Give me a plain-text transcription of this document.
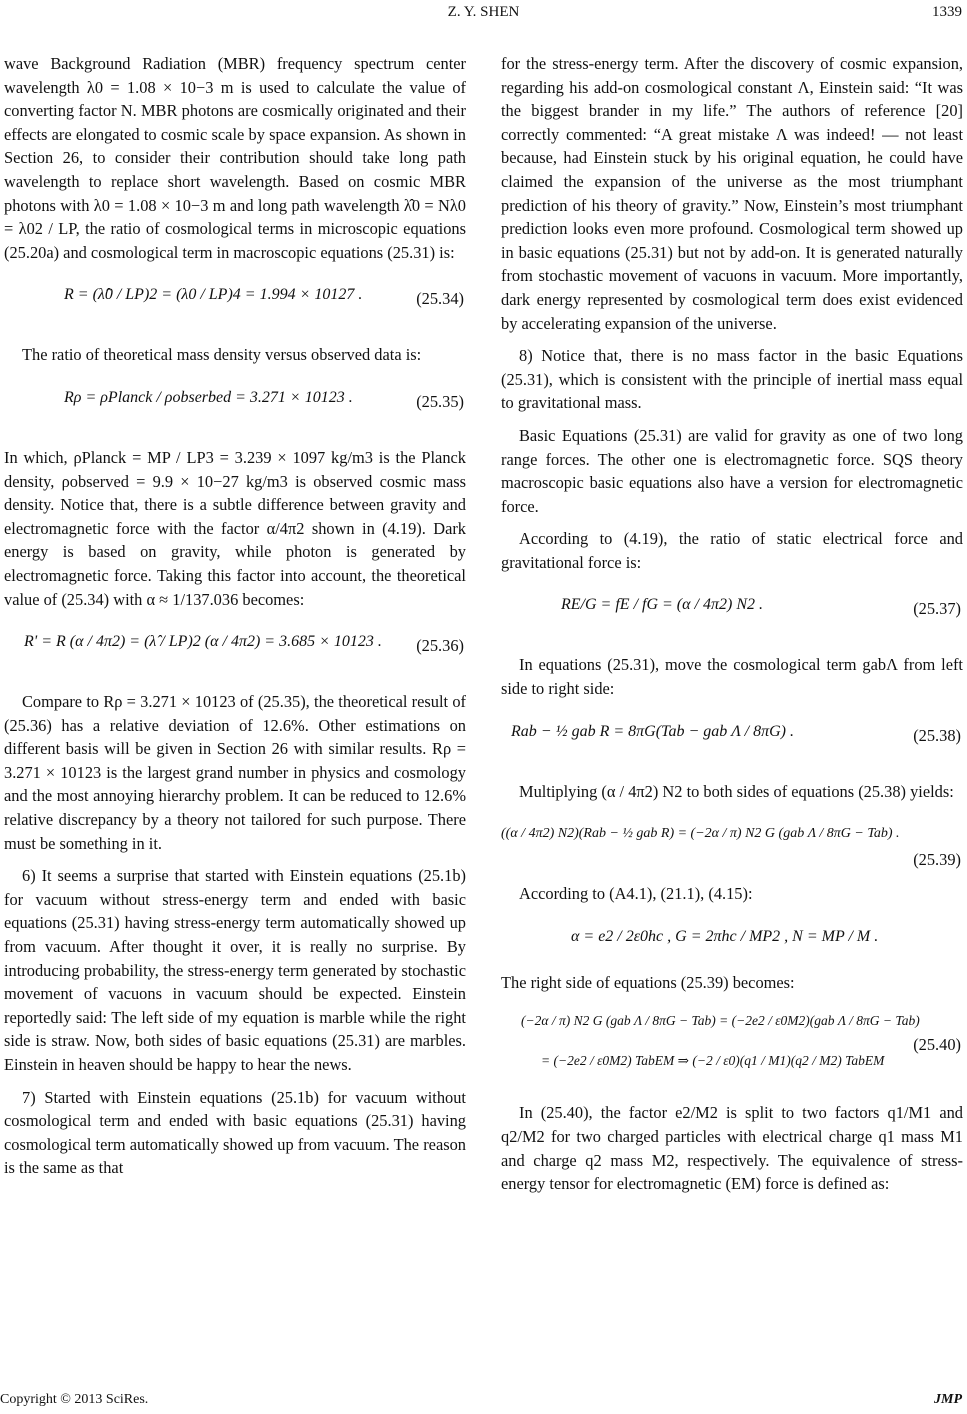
Z. Y. SHEN	1339

wave Background Radiation (MBR) frequency spectrum center wavelength λ0 = 1.08 × 10−3 m is used to calculate the value of converting factor N. MBR photons are cosmically originated and their effects are elongated to cosmic scale by space expansion. As shown in Section 26, to consider their contribution should take long path wavelength to replace short wavelength. Based on cosmic MBR photons with λ0 = 1.08 × 10−3 m and long path wavelength λ̂0 = Nλ0 = λ02 / LP, the ratio of cosmological terms in microscopic equations (25.20a) and cosmological term in macroscopic equations (25.31) is:

R = (λ̂0 / LP)2 = (λ0 / LP)4 = 1.994 × 10127 .	(25.34)

The ratio of theoretical mass density versus observed data is:

Rρ = ρPlanck / ρobserbed = 3.271 × 10123 .	(25.35)

In which, ρPlanck = MP / LP3 = 3.239 × 1097 kg/m3 is the Planck density, ρobserved = 9.9 × 10−27 kg/m3 is observed cosmic mass density. Notice that, there is a subtle difference between gravity and electromagnetic force with the factor α/4π2 shown in (4.19). Dark energy is based on gravity, while photon is generated by electromagnetic force. Taking this factor into account, the theoretical value of (25.34) with α ≈ 1/137.036 becomes:

R' = R (α / 4π2) = (λ̂ / LP)2 (α / 4π2) = 3.685 × 10123 . (25.36)

Compare to Rρ = 3.271 × 10123 of (25.35), the theoretical result of (25.36) has a relative deviation of 12.6%. Other estimations on different basis will be given in Section 26 with similar results. Rρ = 3.271 × 10123 is the largest grand number in physics and cosmology and the most annoying hierarchy problem. It can be reduced to 12.6% relative discrepancy by a theory not tailored for such purpose. There must be something in it.

6) It seems a surprise that started with Einstein equations (25.1b) for vacuum without stress-energy term and ended with basic equations (25.31) having stress-energy term automatically showed up from vacuum. After thought it over, it is really no surprise. By introducing probability, the stress-energy term generated by stochastic movement of vacuons in vacuum should be expected. Einstein reportedly said: The left side of my equation is marble while the right side is straw. Now, both sides of basic equations (25.31) are marbles. Einstein in heaven should be happy to hear the news.

7) Started with Einstein equations (25.1b) for vacuum without cosmological term and ended with basic equations (25.31) having cosmological term automatically showed up from vacuum. The reason is the same as that

for the stress-energy term. After the discovery of cosmic expansion, regarding his add-on cosmological constant Λ, Einstein said: “It was the biggest brander in my life.” The authors of reference [20] correctly commented: “A great mistake Λ was indeed! — not least because, had Einstein stuck by his original equation, he could have claimed the expansion of the universe as the most triumphant prediction of his theory of gravity.” Now, Einstein’s most triumphant prediction looks even more profound. Cosmological term showed up in basic equations (25.31) but not by add-on. It is generated naturally from stochastic movement of vacuons in vacuum. More importantly, dark energy represented by cosmological term does exist evidenced by accelerating expansion of the universe.

8) Notice that, there is no mass factor in the basic Equations (25.31), which is consistent with the principle of inertial mass equal to gravitational mass.

Basic Equations (25.31) are valid for gravity as one of two long range forces. The other one is electromagnetic force. SQS theory macroscopic basic equations also have a version for electromagnetic force.

According to (4.19), the ratio of static electrical force and gravitational force is:

RE/G = fE / fG = (α / 4π2) N2 .	(25.37)

In equations (25.31), move the cosmological term gabΛ from left side to right side:

Rab − ½ gab R = 8πG(Tab − gab Λ / 8πG) .	(25.38)

Multiplying (α / 4π2) N2 to both sides of equations (25.38) yields:

((α / 4π2) N2)(Rab − ½ gab R) = (−2α / π) N2 G (gab Λ / 8πG − Tab) .
(25.39)

According to (A4.1), (21.1), (4.15):

α = e2 / 2ε0hc , G = 2πhc / MP2 , N = MP / M .

The right side of equations (25.39) becomes:

(−2α / π) N2 G (gab Λ / 8πG − Tab) = (−2e2 / ε0M2)(gab Λ / 8πG − Tab)
= (−2e2 / ε0M2) TabEM ⇒ (−2 / ε0)(q1 / M1)(q2 / M2) TabEM
(25.40)

In (25.40), the factor e2/M2 is split to two factors q1/M1 and q2/M2 for two charged particles with electrical charge q1 mass M1 and charge q2 mass M2, respectively. The equivalence of stress-energy tensor for electromagnetic (EM) force is defined as:

Copyright © 2013 SciRes.	JMP
